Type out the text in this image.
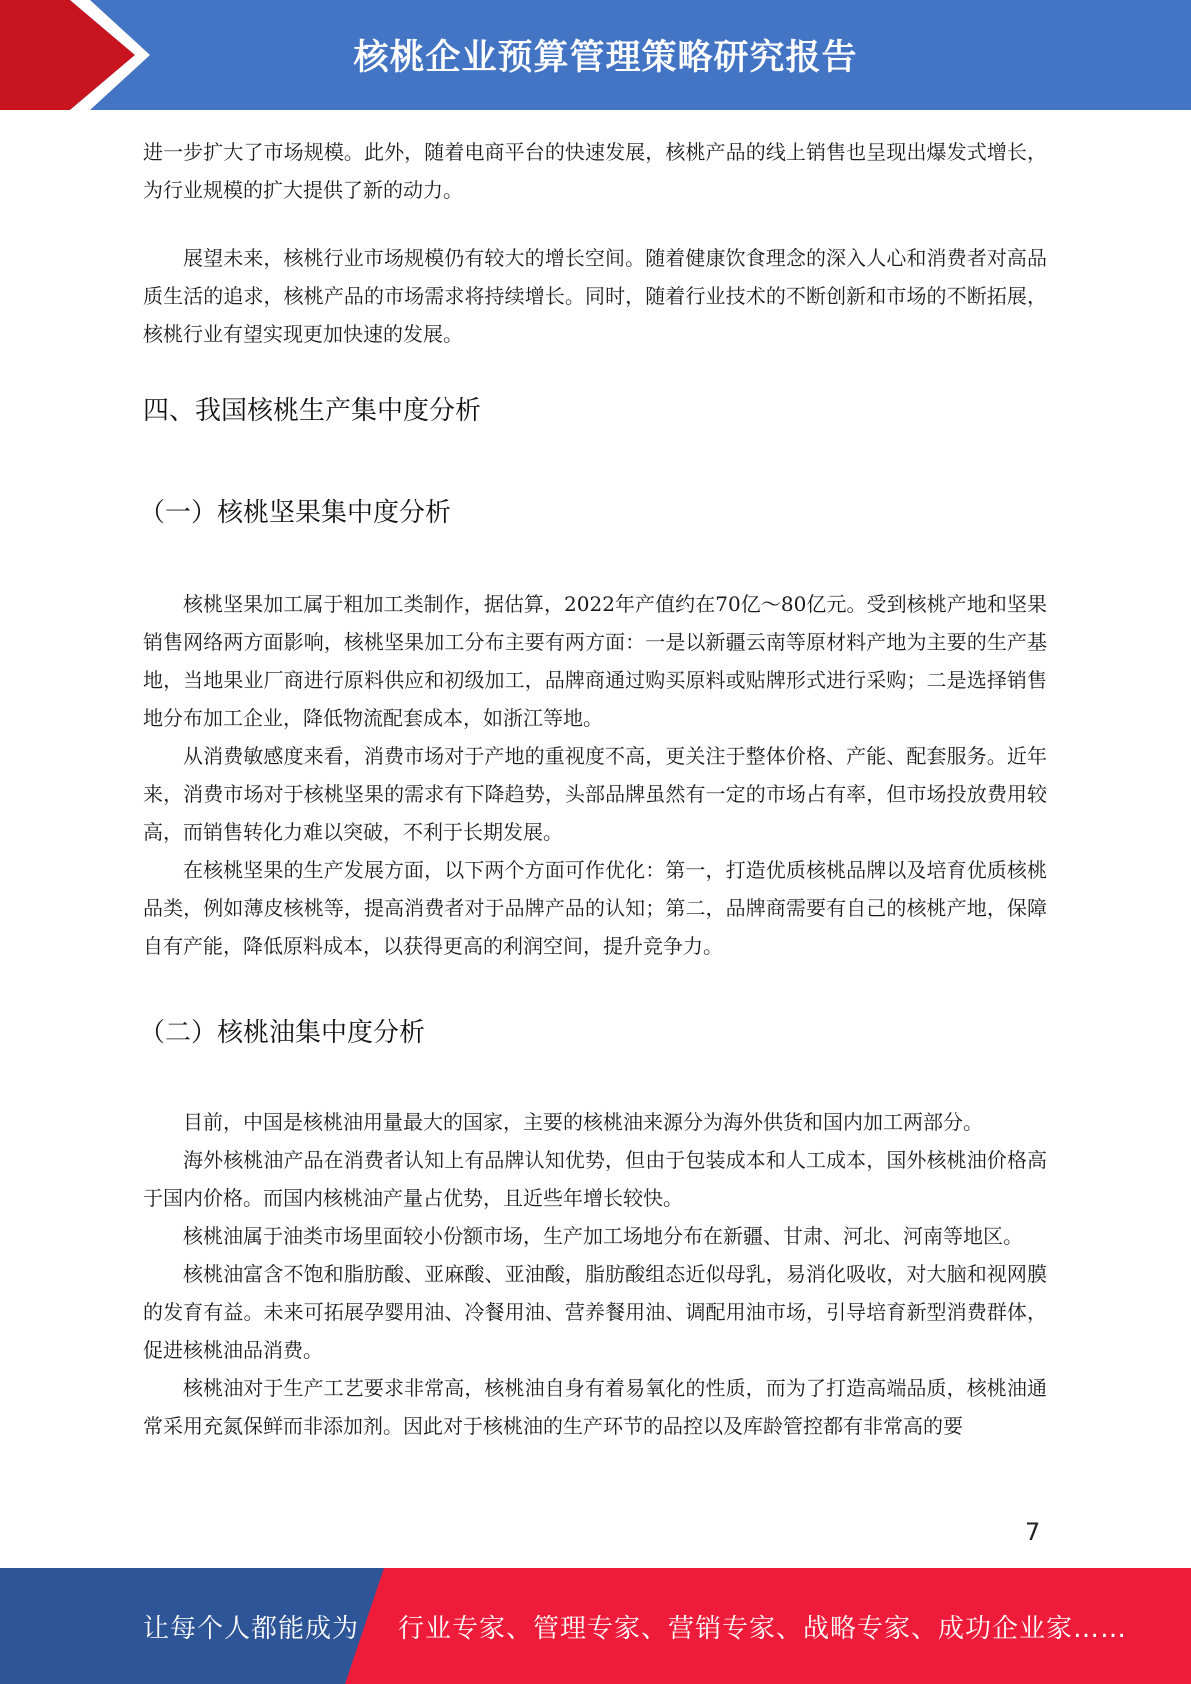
核桃企业预算管理策略研究报告

进一步扩大了市场规模。此外，随着电商平台的快速发展，核桃产品的线上销售也呈现出爆发式增长，为行业规模的扩大提供了新的动力。

展望未来，核桃行业市场规模仍有较大的增长空间。随着健康饮食理念的深入人心和消费者对高品质生活的追求，核桃产品的市场需求将持续增长。同时，随着行业技术的不断创新和市场的不断拓展，核桃行业有望实现更加快速的发展。

四、我国核桃生产集中度分析
（一）核桃坚果集中度分析

核桃坚果加工属于粗加工类制作，据估算，2022年产值约在70亿～80亿元。受到核桃产地和坚果销售网络两方面影响，核桃坚果加工分布主要有两方面：一是以新疆云南等原材料产地为主要的生产基地，当地果业厂商进行原料供应和初级加工，品牌商通过购买原料或贴牌形式进行采购；二是选择销售地分布加工企业，降低物流配套成本，如浙江等地。

从消费敏感度来看，消费市场对于产地的重视度不高，更关注于整体价格、产能、配套服务。近年来，消费市场对于核桃坚果的需求有下降趋势，头部品牌虽然有一定的市场占有率，但市场投放费用较高，而销售转化力难以突破，不利于长期发展。

在核桃坚果的生产发展方面，以下两个方面可作优化：第一，打造优质核桃品牌以及培育优质核桃品类，例如薄皮核桃等，提高消费者对于品牌产品的认知；第二，品牌商需要有自己的核桃产地，保障自有产能，降低原料成本，以获得更高的利润空间，提升竞争力。

（二）核桃油集中度分析

目前，中国是核桃油用量最大的国家，主要的核桃油来源分为海外供货和国内加工两部分。

海外核桃油产品在消费者认知上有品牌认知优势，但由于包装成本和人工成本，国外核桃油价格高于国内价格。而国内核桃油产量占优势，且近些年增长较快。

核桃油属于油类市场里面较小份额市场，生产加工场地分布在新疆、甘肃、河北、河南等地区。

核桃油富含不饱和脂肪酸、亚麻酸、亚油酸，脂肪酸组态近似母乳，易消化吸收，对大脑和视网膜的发育有益。未来可拓展孕婴用油、冷餐用油、营养餐用油、调配用油市场，引导培育新型消费群体，促进核桃油品消费。

核桃油对于生产工艺要求非常高，核桃油自身有着易氧化的性质，而为了打造高端品质，核桃油通常采用充氮保鲜而非添加剂。因此对于核桃油的生产环节的品控以及库龄管控都有非常高的要

7
让每个人都能成为 行业专家、管理专家、营销专家、战略专家、成功企业家……
